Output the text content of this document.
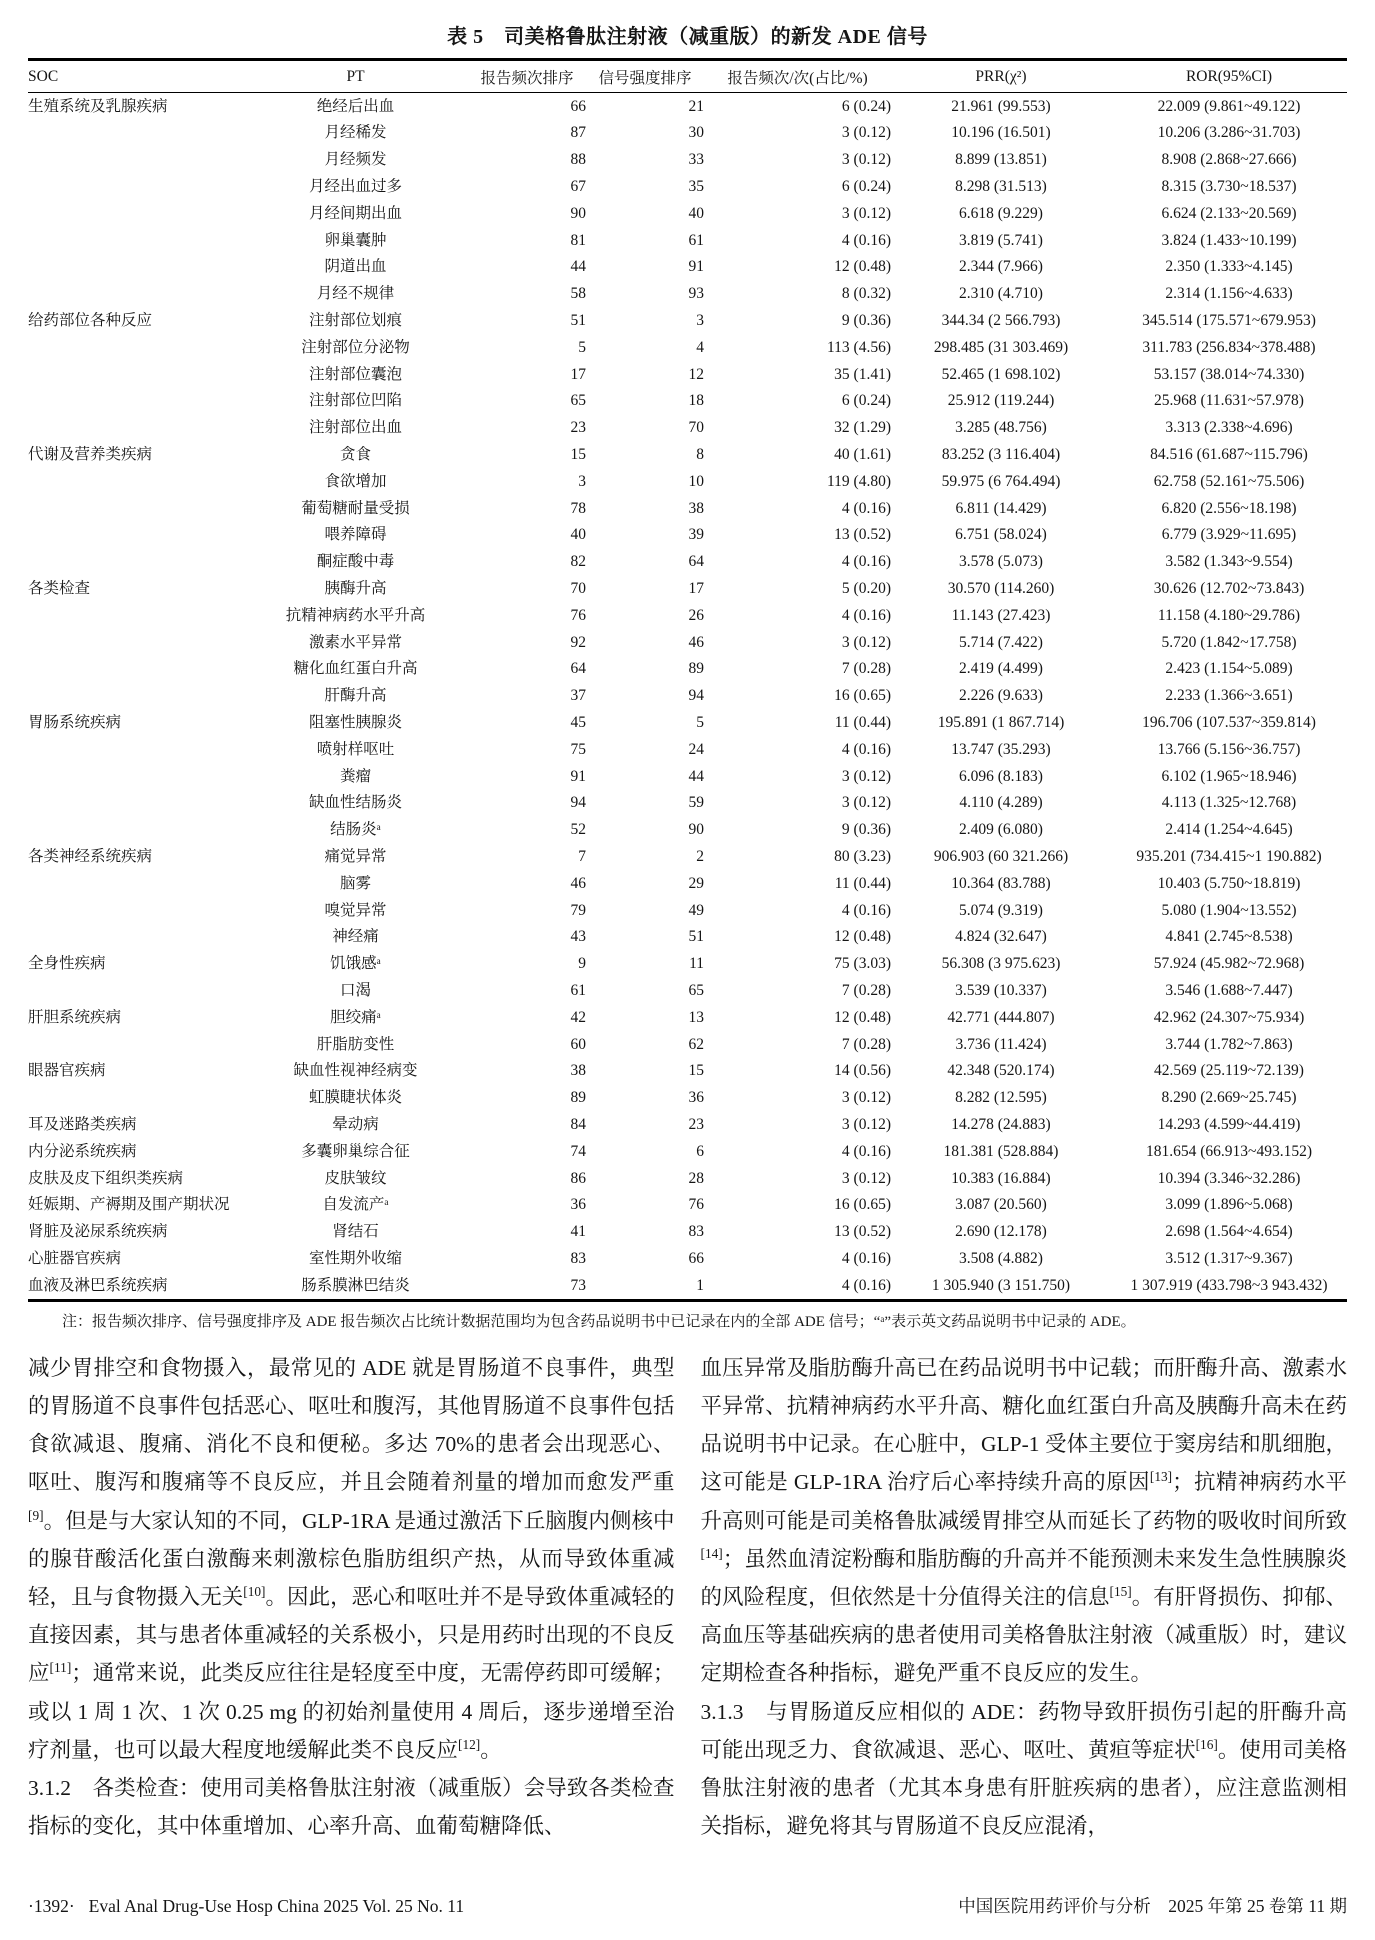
表 5　司美格鲁肽注射液（减重版）的新发 ADE 信号
SOC	PT	报告频次排序	信号强度排序	报告频次/次(占比/%)	PRR(χ²)	ROR(95%CI)
生殖系统及乳腺疾病	绝经后出血	66	21	6 (0.24)	21.961 (99.553)	22.009 (9.861~49.122)
	月经稀发	87	30	3 (0.12)	10.196 (16.501)	10.206 (3.286~31.703)
	月经频发	88	33	3 (0.12)	8.899 (13.851)	8.908 (2.868~27.666)
	月经出血过多	67	35	6 (0.24)	8.298 (31.513)	8.315 (3.730~18.537)
	月经间期出血	90	40	3 (0.12)	6.618 (9.229)	6.624 (2.133~20.569)
	卵巢囊肿	81	61	4 (0.16)	3.819 (5.741)	3.824 (1.433~10.199)
	阴道出血	44	91	12 (0.48)	2.344 (7.966)	2.350 (1.333~4.145)
	月经不规律	58	93	8 (0.32)	2.310 (4.710)	2.314 (1.156~4.633)
给药部位各种反应	注射部位划痕	51	3	9 (0.36)	344.34 (2 566.793)	345.514 (175.571~679.953)
	注射部位分泌物	5	4	113 (4.56)	298.485 (31 303.469)	311.783 (256.834~378.488)
	注射部位囊泡	17	12	35 (1.41)	52.465 (1 698.102)	53.157 (38.014~74.330)
	注射部位凹陷	65	18	6 (0.24)	25.912 (119.244)	25.968 (11.631~57.978)
	注射部位出血	23	70	32 (1.29)	3.285 (48.756)	3.313 (2.338~4.696)
代谢及营养类疾病	贪食	15	8	40 (1.61)	83.252 (3 116.404)	84.516 (61.687~115.796)
	食欲增加	3	10	119 (4.80)	59.975 (6 764.494)	62.758 (52.161~75.506)
	葡萄糖耐量受损	78	38	4 (0.16)	6.811 (14.429)	6.820 (2.556~18.198)
	喂养障碍	40	39	13 (0.52)	6.751 (58.024)	6.779 (3.929~11.695)
	酮症酸中毒	82	64	4 (0.16)	3.578 (5.073)	3.582 (1.343~9.554)
各类检查	胰酶升高	70	17	5 (0.20)	30.570 (114.260)	30.626 (12.702~73.843)
	抗精神病药水平升高	76	26	4 (0.16)	11.143 (27.423)	11.158 (4.180~29.786)
	激素水平异常	92	46	3 (0.12)	5.714 (7.422)	5.720 (1.842~17.758)
	糖化血红蛋白升高	64	89	7 (0.28)	2.419 (4.499)	2.423 (1.154~5.089)
	肝酶升高	37	94	16 (0.65)	2.226 (9.633)	2.233 (1.366~3.651)
胃肠系统疾病	阻塞性胰腺炎	45	5	11 (0.44)	195.891 (1 867.714)	196.706 (107.537~359.814)
	喷射样呕吐	75	24	4 (0.16)	13.747 (35.293)	13.766 (5.156~36.757)
	粪瘤	91	44	3 (0.12)	6.096 (8.183)	6.102 (1.965~18.946)
	缺血性结肠炎	94	59	3 (0.12)	4.110 (4.289)	4.113 (1.325~12.768)
	结肠炎ᵃ	52	90	9 (0.36)	2.409 (6.080)	2.414 (1.254~4.645)
各类神经系统疾病	痛觉异常	7	2	80 (3.23)	906.903 (60 321.266)	935.201 (734.415~1 190.882)
	脑雾	46	29	11 (0.44)	10.364 (83.788)	10.403 (5.750~18.819)
	嗅觉异常	79	49	4 (0.16)	5.074 (9.319)	5.080 (1.904~13.552)
	神经痛	43	51	12 (0.48)	4.824 (32.647)	4.841 (2.745~8.538)
全身性疾病	饥饿感ᵃ	9	11	75 (3.03)	56.308 (3 975.623)	57.924 (45.982~72.968)
	口渴	61	65	7 (0.28)	3.539 (10.337)	3.546 (1.688~7.447)
肝胆系统疾病	胆绞痛ᵃ	42	13	12 (0.48)	42.771 (444.807)	42.962 (24.307~75.934)
	肝脂肪变性	60	62	7 (0.28)	3.736 (11.424)	3.744 (1.782~7.863)
眼器官疾病	缺血性视神经病变	38	15	14 (0.56)	42.348 (520.174)	42.569 (25.119~72.139)
	虹膜睫状体炎	89	36	3 (0.12)	8.282 (12.595)	8.290 (2.669~25.745)
耳及迷路类疾病	晕动病	84	23	3 (0.12)	14.278 (24.883)	14.293 (4.599~44.419)
内分泌系统疾病	多囊卵巢综合征	74	6	4 (0.16)	181.381 (528.884)	181.654 (66.913~493.152)
皮肤及皮下组织类疾病	皮肤皱纹	86	28	3 (0.12)	10.383 (16.884)	10.394 (3.346~32.286)
妊娠期、产褥期及围产期状况	自发流产ᵃ	36	76	16 (0.65)	3.087 (20.560)	3.099 (1.896~5.068)
肾脏及泌尿系统疾病	肾结石	41	83	13 (0.52)	2.690 (12.178)	2.698 (1.564~4.654)
心脏器官疾病	室性期外收缩	83	66	4 (0.16)	3.508 (4.882)	3.512 (1.317~9.367)
血液及淋巴系统疾病	肠系膜淋巴结炎	73	1	4 (0.16)	1 305.940 (3 151.750)	1 307.919 (433.798~3 943.432)
注：报告频次排序、信号强度排序及 ADE 报告频次占比统计数据范围均为包含药品说明书中已记录在内的全部 ADE 信号；“ᵃ”表示英文药品说明书中记录的 ADE。

减少胃排空和食物摄入，最常见的 ADE 就是胃肠道不良事件，典型的胃肠道不良事件包括恶心、呕吐和腹泻，其他胃肠道不良事件包括食欲减退、腹痛、消化不良和便秘。多达 70%的患者会出现恶心、呕吐、腹泻和腹痛等不良反应，并且会随着剂量的增加而愈发严重[9]。但是与大家认知的不同，GLP-1RA 是通过激活下丘脑腹内侧核中的腺苷酸活化蛋白激酶来刺激棕色脂肪组织产热，从而导致体重减轻，且与食物摄入无关[10]。因此，恶心和呕吐并不是导致体重减轻的直接因素，其与患者体重减轻的关系极小，只是用药时出现的不良反应[11]；通常来说，此类反应往往是轻度至中度，无需停药即可缓解；或以 1 周 1 次、1 次 0.25 mg 的初始剂量使用 4 周后，逐步递增至治疗剂量，也可以最大程度地缓解此类不良反应[12]。

3.1.2　各类检查：使用司美格鲁肽注射液（减重版）会导致各类检查指标的变化，其中体重增加、心率升高、血葡萄糖降低、

血压异常及脂肪酶升高已在药品说明书中记载；而肝酶升高、激素水平异常、抗精神病药水平升高、糖化血红蛋白升高及胰酶升高未在药品说明书中记录。在心脏中，GLP-1 受体主要位于窦房结和肌细胞，这可能是 GLP-1RA 治疗后心率持续升高的原因[13]；抗精神病药水平升高则可能是司美格鲁肽减缓胃排空从而延长了药物的吸收时间所致[14]；虽然血清淀粉酶和脂肪酶的升高并不能预测未来发生急性胰腺炎的风险程度，但依然是十分值得关注的信息[15]。有肝肾损伤、抑郁、高血压等基础疾病的患者使用司美格鲁肽注射液（减重版）时，建议定期检查各种指标，避免严重不良反应的发生。

3.1.3　与胃肠道反应相似的 ADE：药物导致肝损伤引起的肝酶升高可能出现乏力、食欲减退、恶心、呕吐、黄疸等症状[16]。使用司美格鲁肽注射液的患者（尤其本身患有肝脏疾病的患者），应注意监测相关指标，避免将其与胃肠道不良反应混淆，

·1392· Eval Anal Drug-Use Hosp China 2025 Vol. 25 No. 11	中国医院用药评价与分析　2025 年第 25 卷第 11 期
